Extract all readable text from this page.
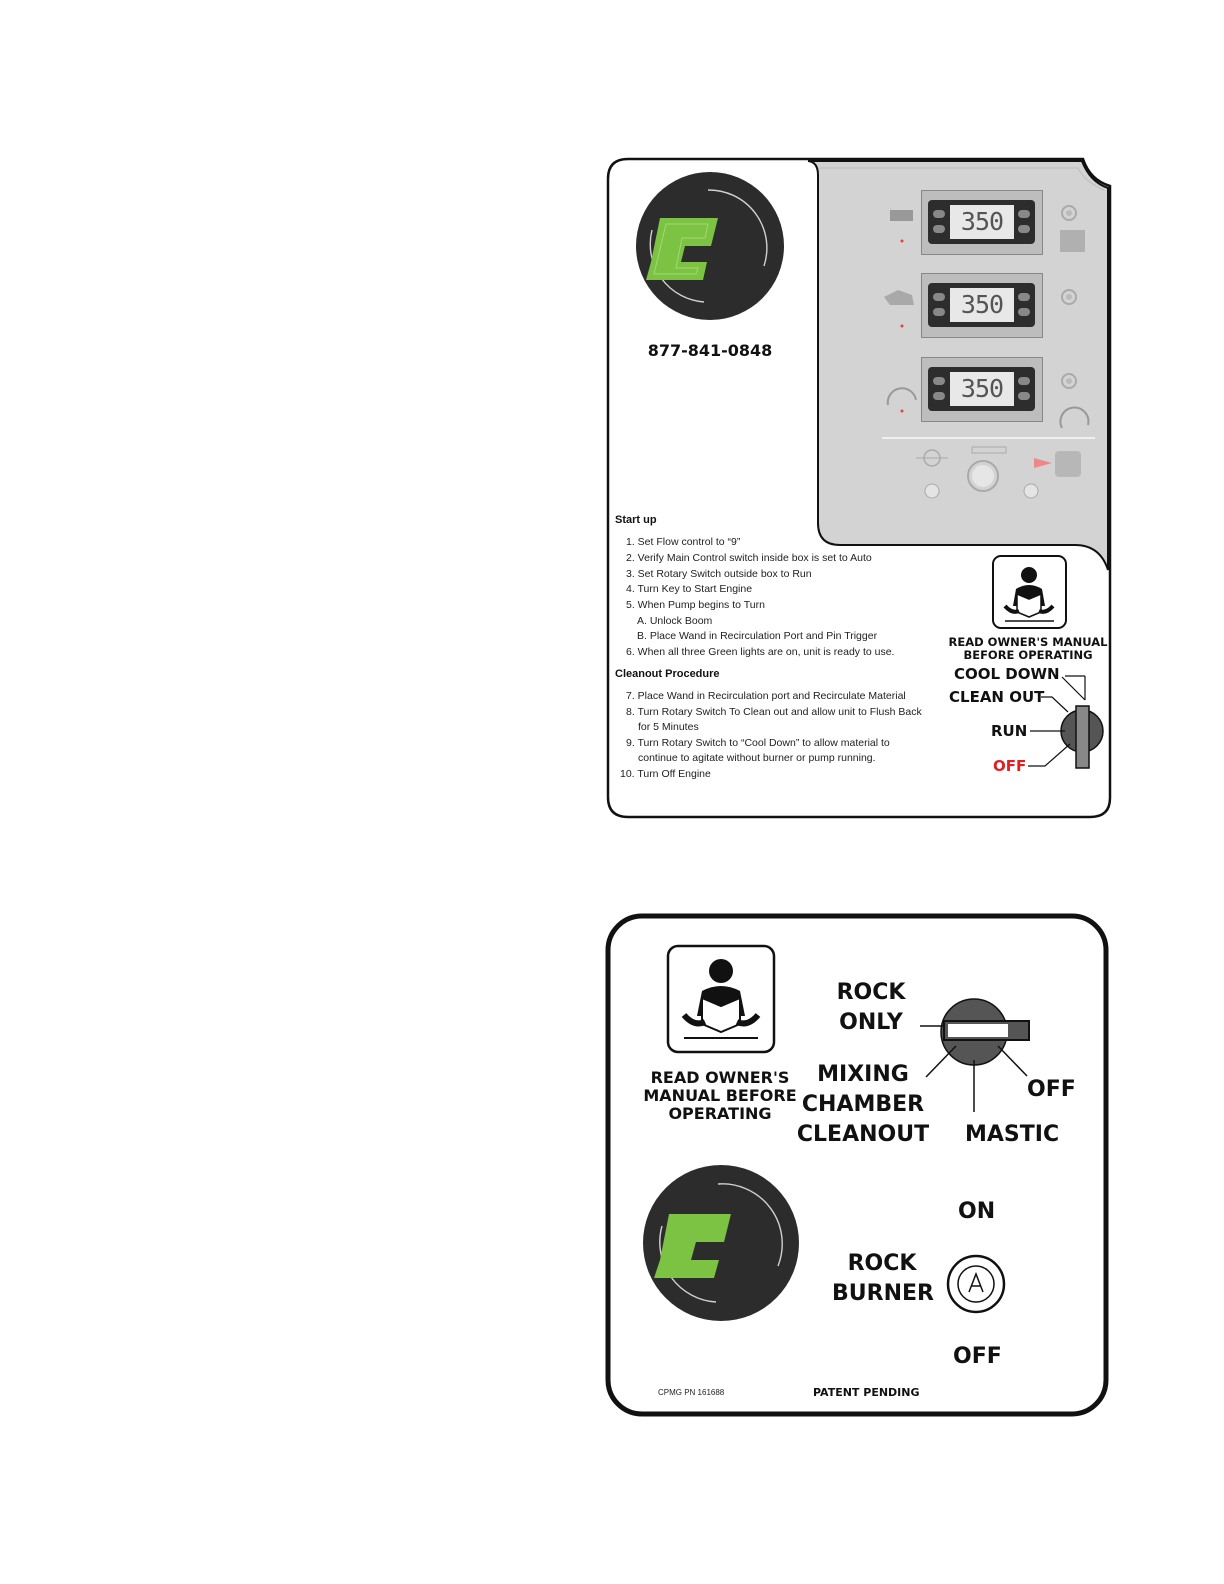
350
350
350
877-841-0848
Start up
1. Set Flow control to “9”
2. Verify Main Control switch inside box is set to Auto
3. Set Rotary Switch outside box to Run
4. Turn Key to Start Engine
5. When Pump begins to Turn
A. Unlock Boom
B. Place Wand in Recirculation Port and Pin Trigger
6. When all three Green lights are on, unit is ready to use.
Cleanout Procedure
7. Place Wand in Recirculation port and Recirculate Material
8. Turn Rotary Switch To Clean out and allow unit to Flush Back
for 5 Minutes
9. Turn Rotary Switch to “Cool Down” to allow material to
continue to agitate without burner or pump running.
10. Turn Off Engine
READ OWNER'S MANUAL
BEFORE OPERATING
COOL DOWN
CLEAN OUT
RUN
OFF
READ OWNER'S
MANUAL BEFORE
OPERATING
ROCK
ONLY
MIXING
CHAMBER
CLEANOUT
OFF
MASTIC
ON
ROCK
BURNER
OFF
CPMG PN 161688	PATENT PENDING
